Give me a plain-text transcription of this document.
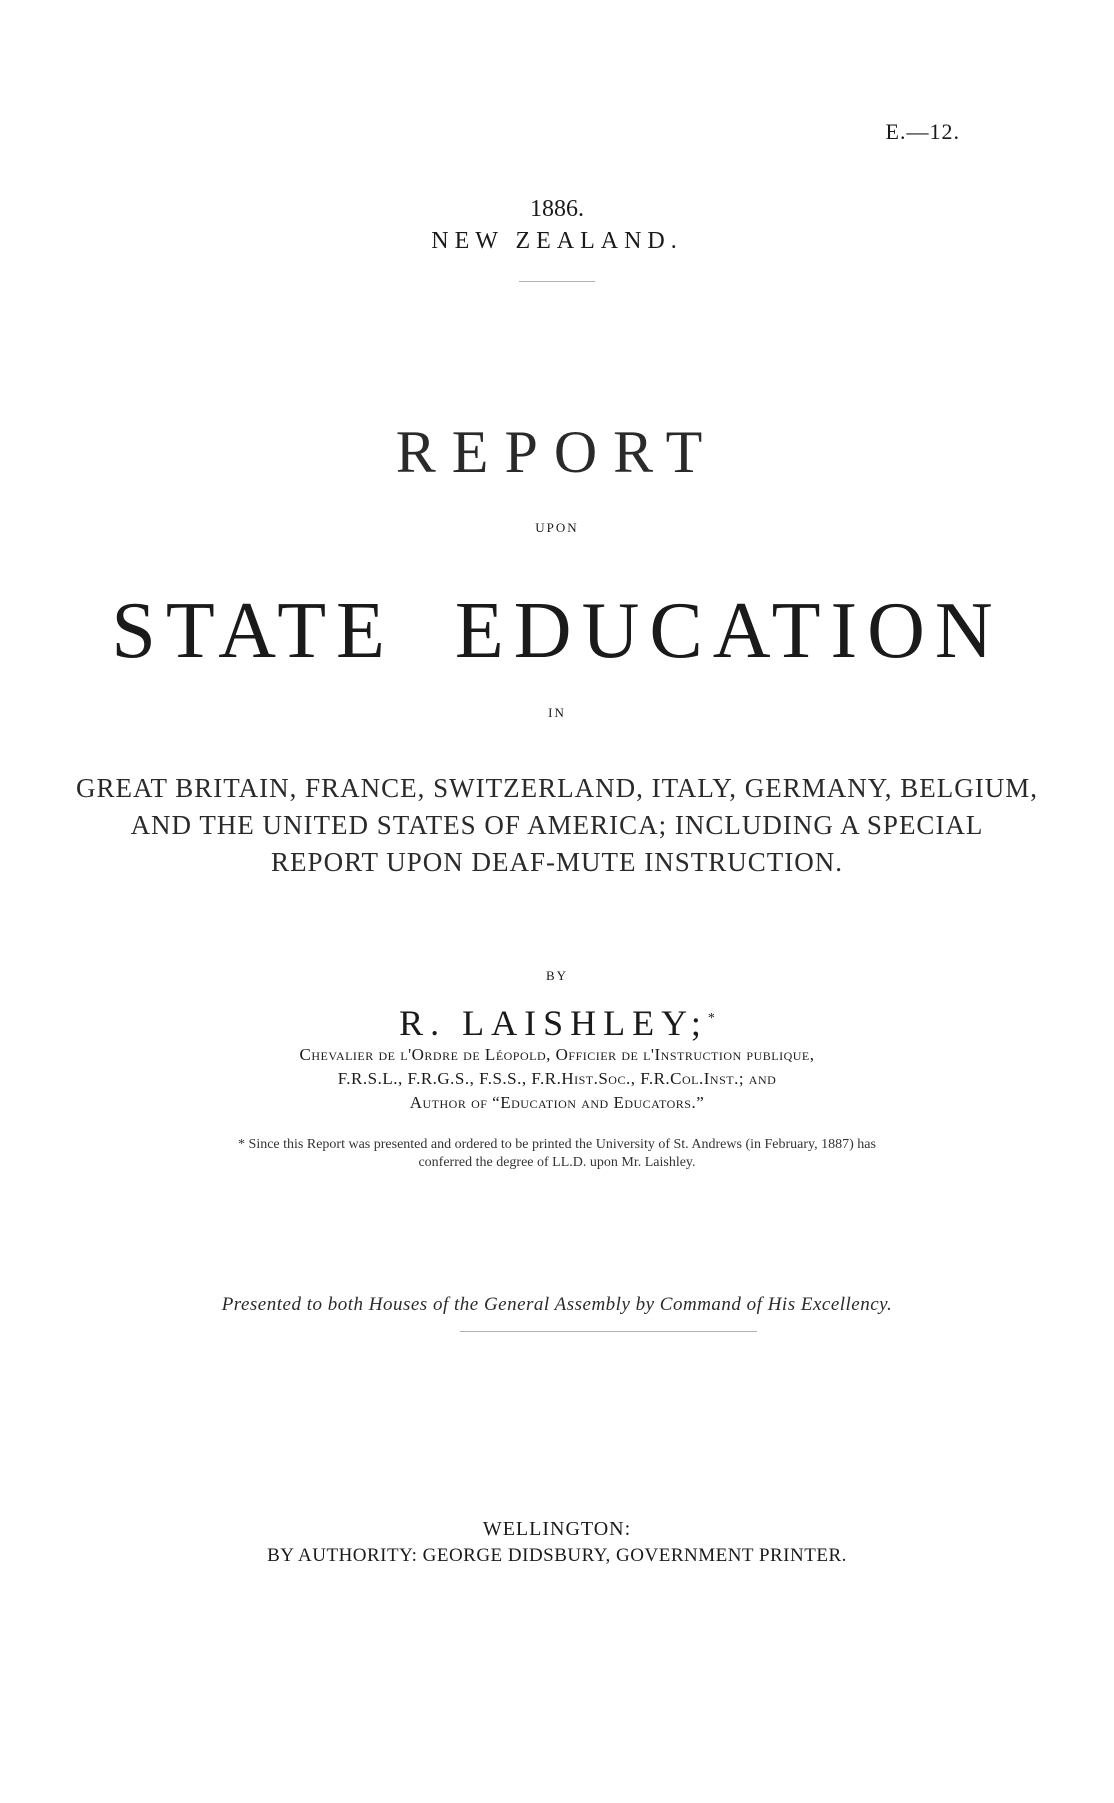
E.—12.
1886.
NEW ZEALAND.
REPORT
UPON
STATE EDUCATION
IN
GREAT BRITAIN, FRANCE, SWITZERLAND, ITALY, GERMANY, BELGIUM,
AND THE UNITED STATES OF AMERICA; INCLUDING A SPECIAL
REPORT UPON DEAF-MUTE INSTRUCTION.
BY
R. LAISHLEY;*
Chevalier de l'Ordre de Léopold, Officier de l'Instruction publique,
F.R.S.L., F.R.G.S., F.S.S., F.R.Hist.Soc., F.R.Col.Inst.; and
Author of “Education and Educators.”
* Since this Report was presented and ordered to be printed the University of St. Andrews (in February, 1887) has
conferred the degree of LL.D. upon Mr. Laishley.
Presented to both Houses of the General Assembly by Command of His Excellency.
WELLINGTON:
BY AUTHORITY: GEORGE DIDSBURY, GOVERNMENT PRINTER.
